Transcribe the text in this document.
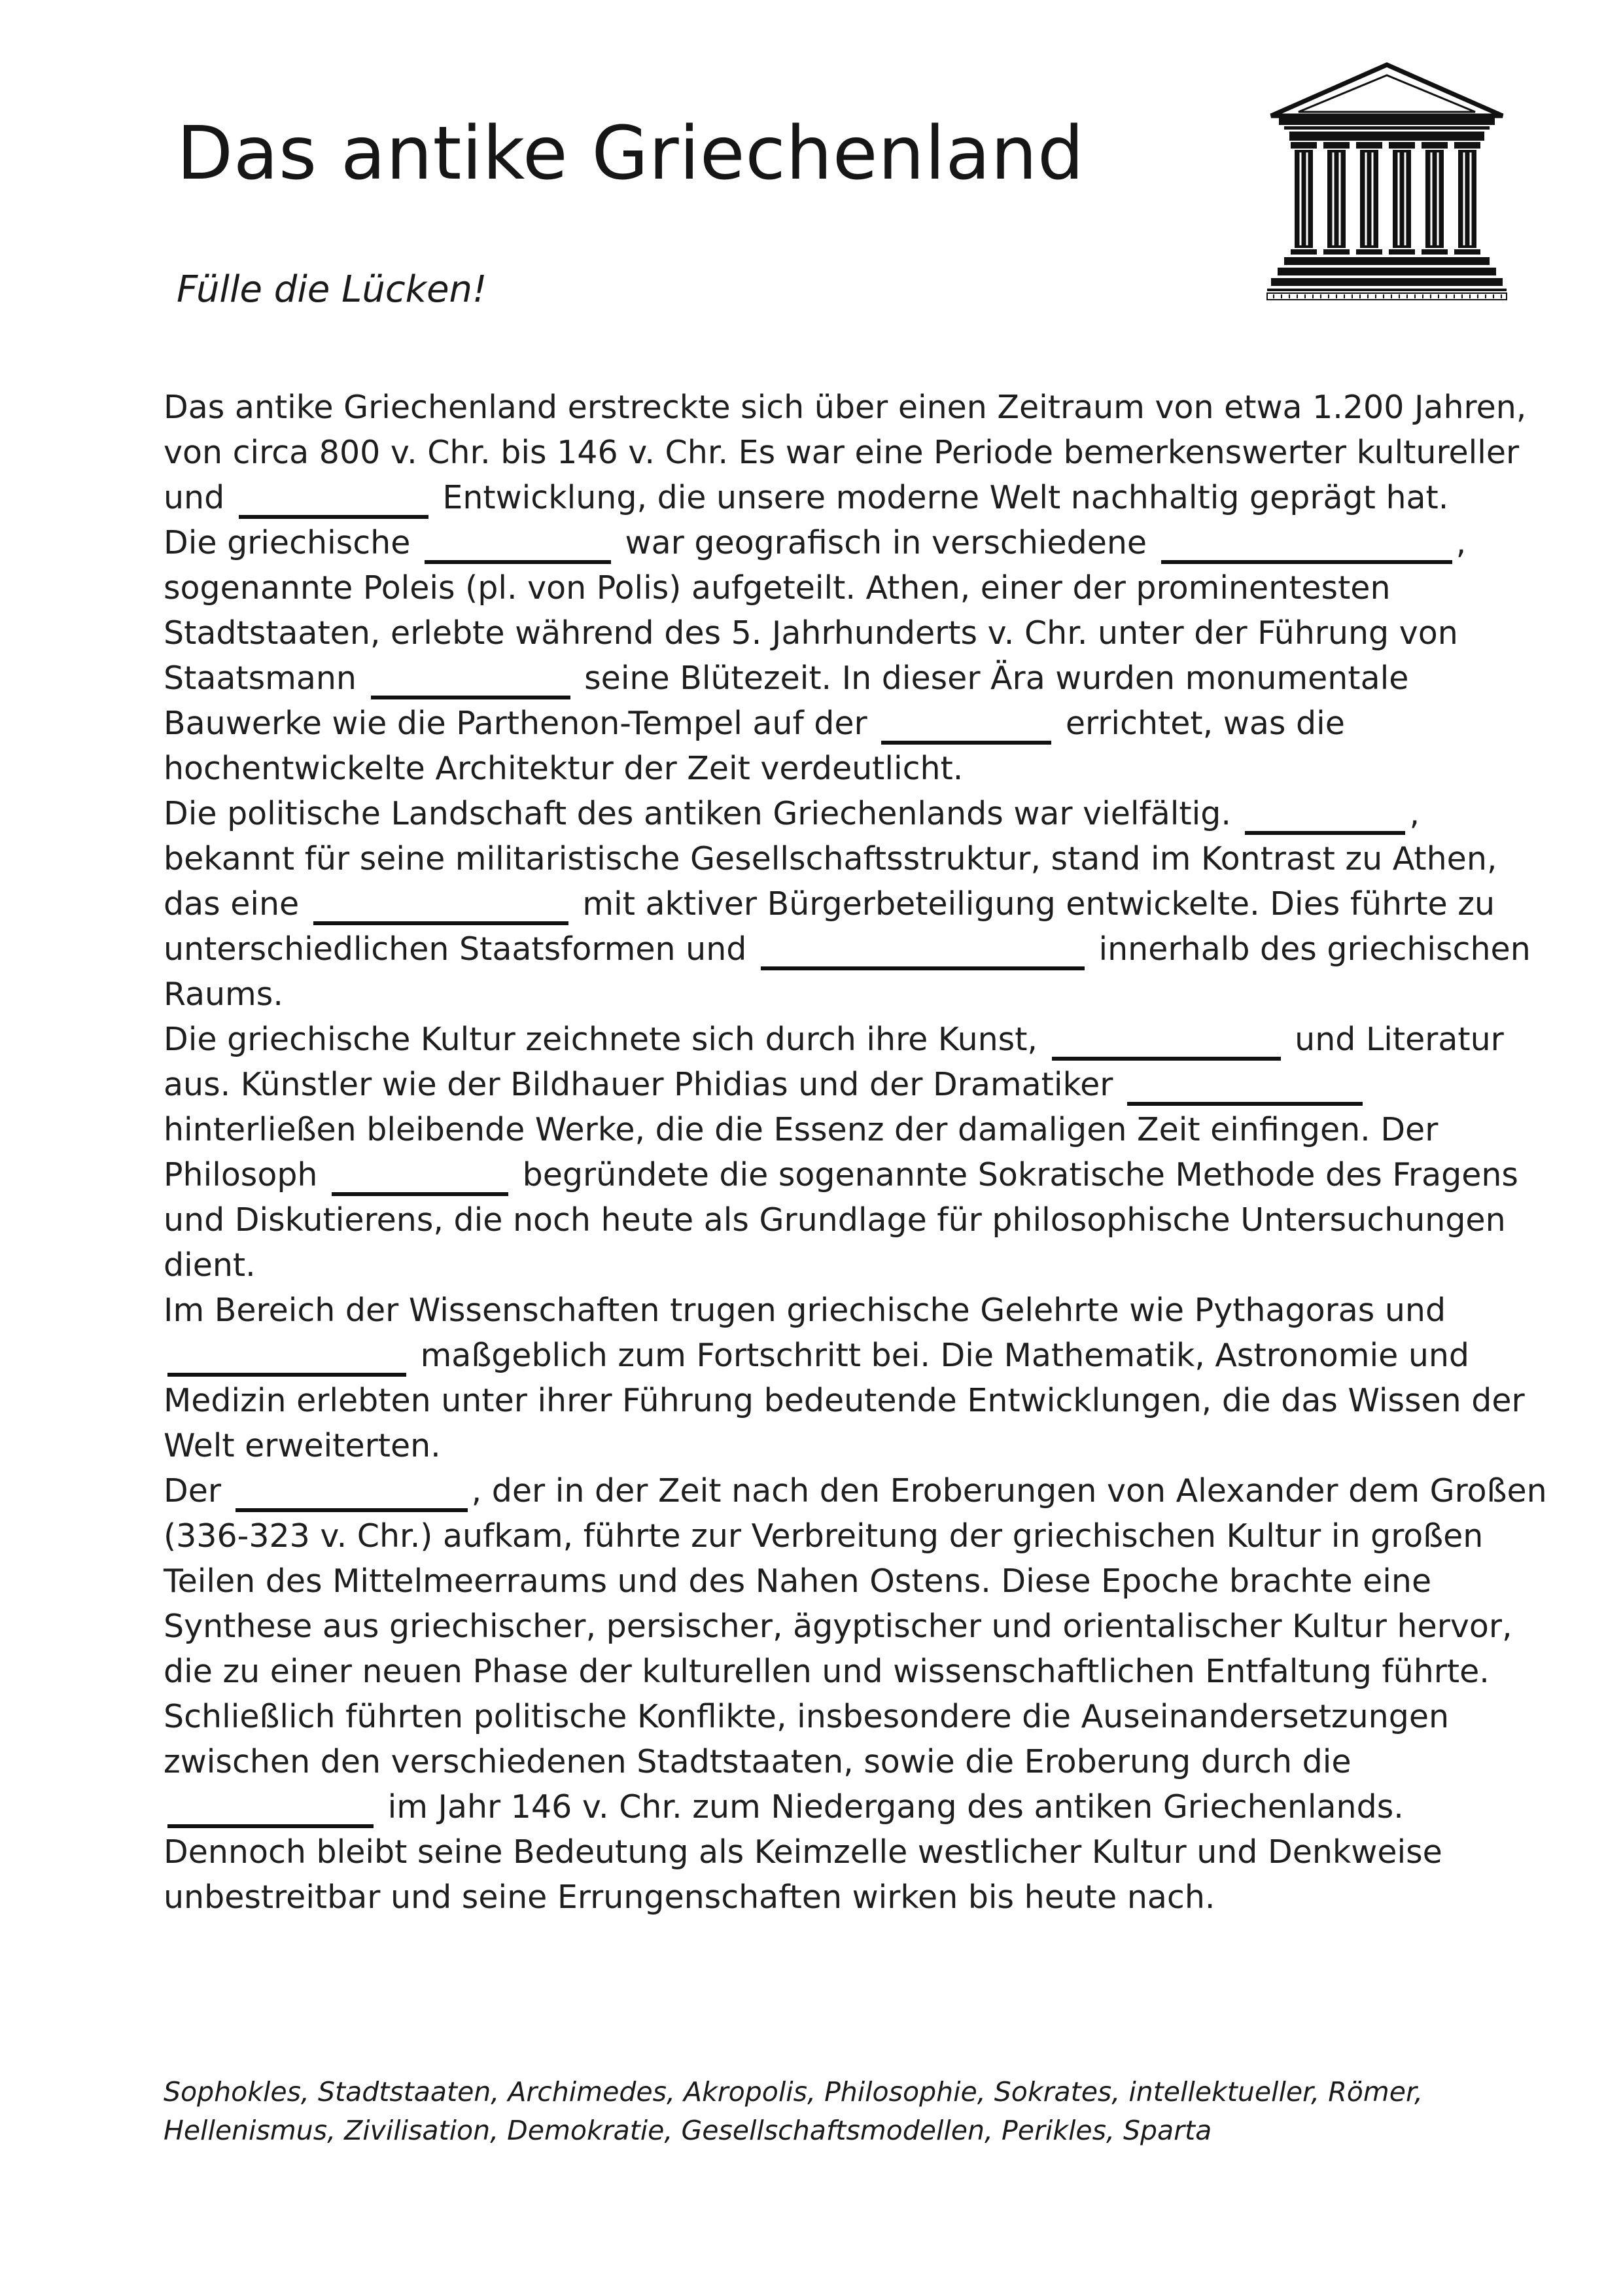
Das antike Griechenland
Fülle die Lücken!

Das antike Griechenland erstreckte sich über einen Zeitraum von etwa 1.200 Jahren, von circa 800 v. Chr. bis 146 v. Chr. Es war eine Periode bemerkenswerter kultureller und	Entwicklung, die unsere moderne Welt nachhaltig geprägt hat.

Die griechische	war geografisch in verschiedene	, sogenannte Poleis (pl. von Polis) aufgeteilt. Athen, einer der prominentesten Stadtstaaten, erlebte während des 5. Jahrhunderts v. Chr. unter der Führung von Staatsmann	seine Blütezeit. In dieser Ära wurden monumentale Bauwerke wie die Parthenon-Tempel auf der	errichtet, was die hochentwickelte Architektur der Zeit verdeutlicht.

Die politische Landschaft des antiken Griechenlands war vielfältig.	, bekannt für seine militaristische Gesellschaftsstruktur, stand im Kontrast zu Athen, das eine	mit aktiver Bürgerbeteiligung entwickelte. Dies führte zu unterschiedlichen Staatsformen und	innerhalb des griechischen Raums.

Die griechische Kultur zeichnete sich durch ihre Kunst,	und Literatur aus. Künstler wie der Bildhauer Phidias und der Dramatiker  hinterließen bleibende Werke, die die Essenz der damaligen Zeit einfingen. Der Philosoph	begründete die sogenannte Sokratische Methode des Fragens und Diskutierens, die noch heute als Grundlage für philosophische Untersuchungen dient.

Im Bereich der Wissenschaften trugen griechische Gelehrte wie Pythagoras und  maßgeblich zum Fortschritt bei. Die Mathematik, Astronomie und Medizin erlebten unter ihrer Führung bedeutende Entwicklungen, die das Wissen der Welt erweiterten.

Der	, der in der Zeit nach den Eroberungen von Alexander dem Großen (336-323 v. Chr.) aufkam, führte zur Verbreitung der griechischen Kultur in großen Teilen des Mittelmeerraums und des Nahen Ostens. Diese Epoche brachte eine Synthese aus griechischer, persischer, ägyptischer und orientalischer Kultur hervor, die zu einer neuen Phase der kulturellen und wissenschaftlichen Entfaltung führte.

Schließlich führten politische Konflikte, insbesondere die Auseinandersetzungen zwischen den verschiedenen Stadtstaaten, sowie die Eroberung durch die  im Jahr 146 v. Chr. zum Niedergang des antiken Griechenlands. Dennoch bleibt seine Bedeutung als Keimzelle westlicher Kultur und Denkweise unbestreitbar und seine Errungenschaften wirken bis heute nach.

Sophokles, Stadtstaaten, Archimedes, Akropolis, Philosophie, Sokrates, intellektueller, Römer,
Hellenismus, Zivilisation, Demokratie, Gesellschaftsmodellen, Perikles, Sparta
